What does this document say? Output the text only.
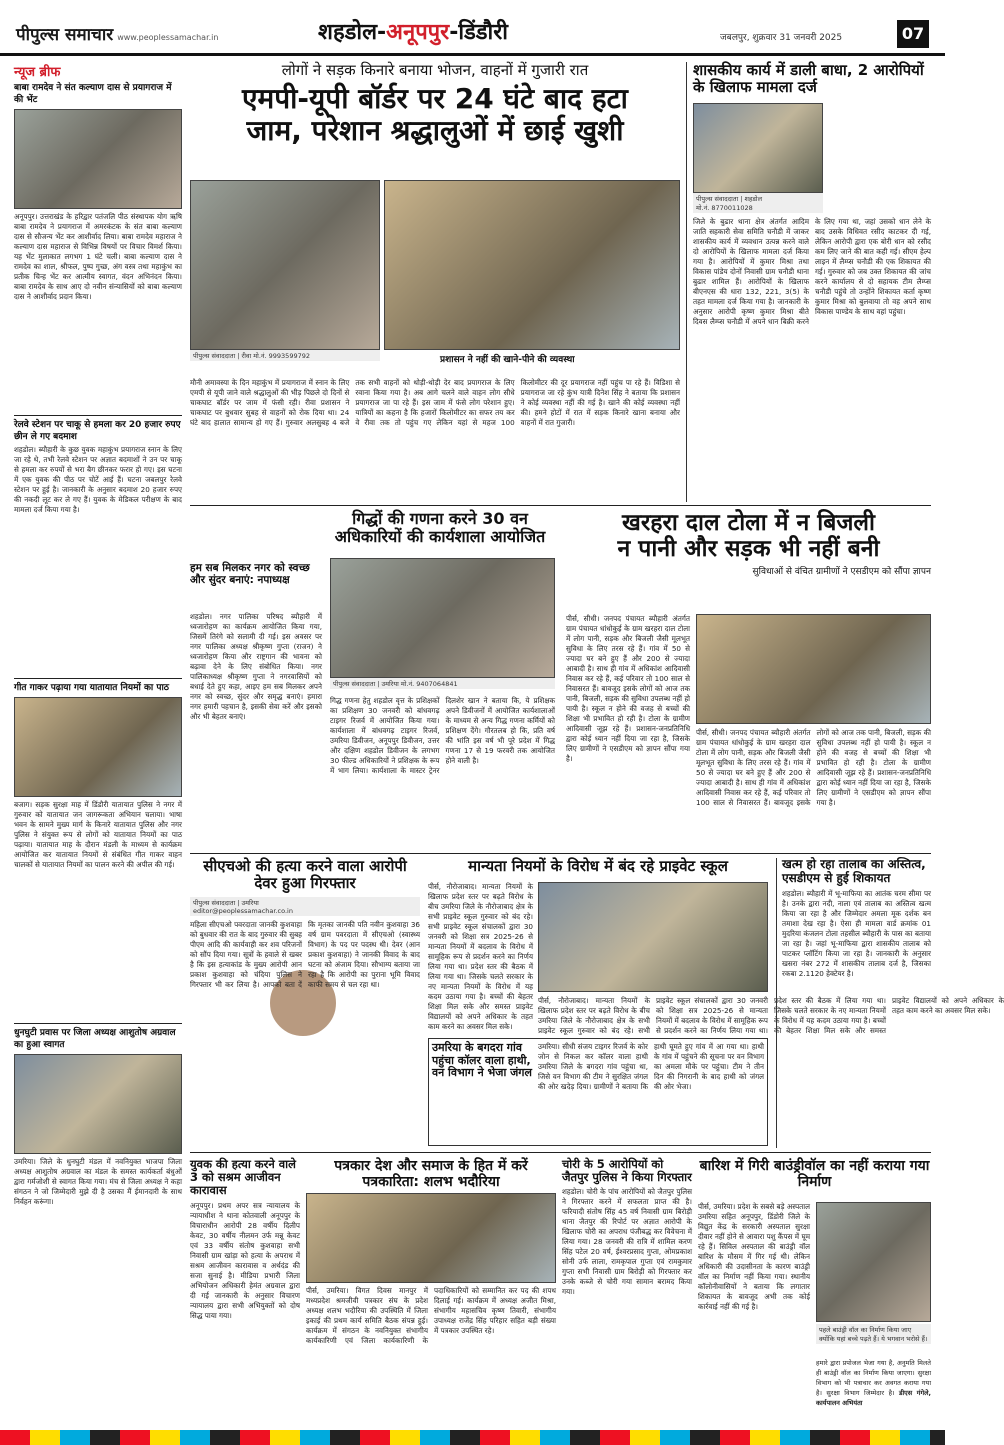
पीपुल्स समाचार www.peoplessamachar.in	शहडोल-अनूपपुर-डिंडौरी	जबलपुर, शुक्रवार 31 जनवरी 2025	07
न्यूज ब्रीफ
बाबा रामदेव ने संत कल्याण दास से प्रयागराज में की भेंट
अनूपपुर। उत्तराखंड के हरिद्वार पतंजलि पीठ संस्थापक योग ऋषि बाबा रामदेव ने प्रयागराज में अमरकंटक के संत बाबा कल्याण दास से सौजन्य भेंट कर आशीर्वाद लिया। बाबा रामदेव महाराज ने कल्याण दास महाराज से विभिन्न विषयों पर विचार विमर्श किया। यह भेंट मुलाकात लगभग 1 घंटे चली। बाबा कल्याण दास ने रामदेव का शाल, श्रीफल, पुष्प गुच्छ, अंग वस्त्र तथा महाकुंभ का प्रतीक चिन्ह भेंट कर आत्मीय स्वागत, वंदन अभिनंदन किया। बाबा रामदेव के साथ आए दो नवीन संन्यासियों को बाबा कल्याण दास ने आशीर्वाद प्रदान किया।
रेलवे स्टेशन पर चाकू से हमला कर 20 हजार रुपए छीन ले गए बदमाश
शहडोल। ब्यौहारी के कुछ युवक महाकुंभ प्रयागराज स्नान के लिए जा रहे थे, तभी रेलवे स्टेशन पर अज्ञात बदमाशों ने उन पर चाकू से हमला कर रुपयों से भरा बैग छीनकर फरार हो गए। इस घटना में एक युवक की पीठ पर चोटें आई हैं। घटना जबलपुर रेलवे स्टेशन पर हुई है। जानकारी के अनुसार बदमाश 20 हजार रुपए की नकदी लूट कर ले गए हैं। युवक के मेडिकल परीक्षण के बाद मामला दर्ज किया गया है।
गीत गाकर पढ़ाया गया यातायात नियमों का पाठ
बजाग। सड़क सुरक्षा माह में डिंडौरी यातायात पुलिस ने नगर में गुरुवार को यातायात जन जागरूकता अभियान चलाया। भाषा भवन के सामने मुख्य मार्ग के किनारे यातायात पुलिस और नगर पुलिस ने संयुक्त रूप से लोगों को यातायात नियमों का पाठ पढ़ाया। यातायात माह के दौरान मंडली के माध्यम से कार्यक्रम आयोजित कर यातायात नियमों से संबंधित गीत गाकर वाहन चालकों से यातायात नियमों का पालन करने की अपील की गई।
धुनघुटी प्रवास पर जिला अध्यक्ष आशुतोष अग्रवाल का हुआ स्वागत
उमरिया। जिले के धुनघुटी मंडल में नवनियुक्त भाजपा जिला अध्यक्ष आशुतोष अग्रवाल का मंडल के समस्त कार्यकर्ता बंधुओं द्वारा गर्मजोशी से स्वागत किया गया। मंच से जिला अध्यक्ष ने कहा संगठन ने जो जिम्मेदारी मुझे दी है उसका मैं ईमानदारी के साथ निर्वहन करूंगा।
लोगों ने सड़क किनारे बनाया भोजन, वाहनों में गुजारी रात
एमपी-यूपी बॉर्डर पर 24 घंटे बाद हटा
जाम, परेशान श्रद्धालुओं में छाई खुशी
पीपुल्स संवाददाता | रीवा मो.नं. 9993599792	प्रशासन ने नहीं की खाने-पीने की व्यवस्था
मौनी अमावस्या के दिन महाकुंभ में प्रयागराज में स्नान के लिए एमपी से यूपी जाने वाले श्रद्धालुओं की भीड़ पिछले दो दिनों से चाकघाट बॉर्डर पर जाम में फंसी रही। रीवा प्रशासन ने चाकघाट पर बुधवार सुबह से वाहनों को रोक दिया था। 24 घंटे बाद हालात सामान्य हो गए हैं। गुरुवार अलसुबह 4 बजे तक सभी वाहनों को थोड़ी-थोड़ी देर बाद प्रयागराज के लिए रवाना किया गया है। अब आगे चलने वाले वाहन लोग सीधे प्रयागराज जा पा रहे हैं। इस जाम में फंसे लोग परेशान हुए। यात्रियों का कहना है कि हजारों किलोमीटर का सफर तय कर वे रीवा तक तो पहुंच गए लेकिन यहां से महज 100 किलोमीटर की दूर प्रयागराज नहीं पहुंच पा रहे हैं। विडिशा से प्रयागराज जा रहे कुंभ यात्री दिनेश सिंह ने बताया कि प्रशासन ने कोई व्यवस्था नहीं की गई है। खाने की कोई व्यवस्था नहीं की। हमने होटों में रात में सड़क किनारे खाना बनाया और वाहनों में रात गुजारी।
शासकीय कार्य में डाली बाधा, 2 आरोपियों के खिलाफ मामला दर्ज
पीपुल्स संवाददाता | शहडोल
मो.नं. 8770011028
जिले के बुढार थाना क्षेत्र अंतर्गत आदिम जाति सहकारी सेवा समिति चनौडी में जाकर शासकीय कार्य में व्यवधान उत्पन्न करने वाले दो आरोपियों के खिलाफ मामला दर्ज किया गया है। आरोपियों में कुमार मिश्रा तथा विकास पांडेय दोनों निवासी ग्राम चनौडी थाना बुढार शामिल हैं। आरोपियों के खिलाफ बीएनएस की धारा 132, 221, 3(5) के तहत मामला दर्ज किया गया है। जानकारी के अनुसार आरोपी कृष्ण कुमार मिश्रा बीते दिवस लैम्प्स चनौडी में अपने धान बिक्री करने के लिए गया था, जहां उसको धान लेने के बाद उसके विधिवत रसीद काटकर दी गई, लेकिन आरोपी द्वारा एक बोरी धान को रसीद कम लिए जाने की बात कही गई। सीएम हेल्प लाइन में लैम्प्स चनौडी की एक शिकायत की गई। गुरुवार को जब उक्त शिकायत की जांच करने कार्यालय से दो सहायक टीम लैम्प्स चनौडी पहुंचे तो उन्होंने शिकायत कर्ता कृष्ण कुमार मिश्रा को बुलवाया तो वह अपने साथ विकास पाण्डेय के साथ वहां पहुंचा।
गिद्धों की गणना करने 30 वन अधिकारियों की कार्यशाला आयोजित
पीपुल्स संवाददाता | उमरिया मो.नं. 9407064841
गिद्ध गणना हेतु शहडोल वृत्त के प्रशिक्षकों का प्रशिक्षण 30 जनवरी को बांधवगढ़ टाइगर रिजर्व में आयोजित किया गया। कार्यशाला में बांधवगढ़ टाइगर रिजर्व, उमरिया डिवीजन, अनूपपुर डिवीजन, उत्तर और दक्षिण शहडोल डिवीजन के लगभग 30 फील्ड अधिकारियों ने प्रशिक्षक के रूप में भाग लिया। कार्यशाला के मास्टर ट्रेनर दिलशेर खान ने बताया कि, ये प्रशिक्षक अपने डिवीजनों में आयोजित कार्यशालाओं के माध्यम से अन्य गिद्ध गणना कर्मियों को प्रशिक्षण देंगे। गौरतलब हो कि, प्रति वर्ष की भांति इस वर्ष भी पूरे प्रदेश में गिद्ध गणना 17 से 19 फरवरी तक आयोजित होने वाली है।
हम सब मिलकर नगर को स्वच्छ और सुंदर बनाएं: नपाध्यक्ष
शहडोल। नगर पालिका परिषद ब्यौहारी में ध्वजारोहण का कार्यक्रम आयोजित किया गया, जिसमें तिरंगे को सलामी दी गई। इस अवसर पर नगर पालिका अध्यक्ष श्रीकृष्ण गुप्ता (राजन) ने ध्वजारोहण किया और राष्ट्रगान की भावना को बढ़ावा देने के लिए संबोधित किया। नगर पालिकाध्यक्ष श्रीकृष्ण गुप्ता ने नगरवासियों को बधाई देते हुए कहा, आइए हम सब मिलकर अपने नगर को स्वच्छ, सुंदर और समृद्ध बनाएं। हमारा नगर हमारी पहचान है, इसकी सेवा करें और इसको और भी बेहतर बनाएं।
खरहरा दाल टोला में न बिजली
न पानी और सड़क भी नहीं बनी
सुविधाओं से वंचित ग्रामीणों ने एसडीएम को सौंपा ज्ञापन
पीर्स, सीधी। जनपद पंचायत ब्यौहारी अंतर्गत ग्राम पंचायत धांधोकुई के ग्राम खरहरा दाल टोला में लोग पानी, सड़क और बिजली जैसी मूलभूत सुविधा के लिए तरस रहे हैं। गांव में 50 से ज्यादा घर बने हुए हैं और 200 से ज्यादा आबादी है। साथ ही गांव में अधिकांश आदिवासी निवास कर रहे हैं, कई परिवार तो 100 साल से निवासरत हैं। बावजूद इसके लोगों को आज तक पानी, बिजली, सड़क की सुविधा उपलब्ध नहीं हो पायी है। स्कूल न होने की वजह से बच्चों की शिक्षा भी प्रभावित हो रही है। टोला के ग्रामीण आदिवासी जूझ रहे हैं। प्रशासन-जनप्रतिनिधि द्वारा कोई ध्यान नहीं दिया जा रहा है, जिसके लिए ग्रामीणों ने एसडीएम को ज्ञापन सौंपा गया है।
पीर्स, सीधी। जनपद पंचायत ब्यौहारी अंतर्गत ग्राम पंचायत धांधोकुई के ग्राम खरहरा दाल टोला में लोग पानी, सड़क और बिजली जैसी मूलभूत सुविधा के लिए तरस रहे हैं। गांव में 50 से ज्यादा घर बने हुए हैं और 200 से ज्यादा आबादी है। साथ ही गांव में अधिकांश आदिवासी निवास कर रहे हैं, कई परिवार तो 100 साल से निवासरत हैं। बावजूद इसके लोगों को आज तक पानी, बिजली, सड़क की सुविधा उपलब्ध नहीं हो पायी है। स्कूल न होने की वजह से बच्चों की शिक्षा भी प्रभावित हो रही है। टोला के ग्रामीण आदिवासी जूझ रहे हैं। प्रशासन-जनप्रतिनिधि द्वारा कोई ध्यान नहीं दिया जा रहा है, जिसके लिए ग्रामीणों ने एसडीएम को ज्ञापन सौंपा गया है।
सीएचओ की हत्या करने वाला आरोपी देवर हुआ गिरफ्तार
पीपुल्स संवाददाता | उमरिया
editor@peoplessamachar.co.in
महिला सीएचओ पवरदाता जानकी कुशवाहा को बुधवार की रात के बाद गुरुवार की सुबह पीएम आदि की कार्यवाही कर शव परिजनों को सौंप दिया गया। सूत्रों के हवाले से खबर है कि इस हत्याकांड के मुख्य आरोपी आन प्रकाश कुशवाहा को चंदिया पुलिस ने गिरफ्तार भी कर लिया है। आपको बता दें कि मृतका जानकी पति नवीन कुशवाहा 36 वर्ष ग्राम पवरदाता में सीएचओ (स्वास्थ्य विभाग) के पद पर पदस्थ थी। देवर (आन प्रकाश कुशवाहा) ने जानकी विवाद के बाद घटना को अंजाम दिया। सौभाग्य बताया जा रहा है कि आरोपी का पुराना भूमि विवाद काफी समय से चल रहा था।
मान्यता नियमों के विरोध में बंद रहे प्राइवेट स्कूल
पीर्स, नौरोजाबाद। मान्यता नियमों के खिलाफ प्रदेश स्तर पर बढ़ते विरोध के बीच उमरिया जिले के नौरोजाबाद क्षेत्र के सभी प्राइवेट स्कूल गुरुवार को बंद रहे। सभी प्राइवेट स्कूल संचालकों द्वारा 30 जनवरी को शिक्षा सत्र 2025-26 से मान्यता नियमों में बदलाव के विरोध में सामूहिक रूप से प्रदर्शन करने का निर्णय लिया गया था। प्रदेश स्तर की बैठक में लिया गया था। जिसके चलते सरकार के नए मान्यता नियमों के विरोध में यह कदम उठाया गया है। बच्चों की बेहतर शिक्षा मिल सके और समस्त प्राइवेट विद्यालयों को अपने अधिकार के तहत काम करने का अवसर मिल सके।
पीर्स, नौरोजाबाद। मान्यता नियमों के खिलाफ प्रदेश स्तर पर बढ़ते विरोध के बीच उमरिया जिले के नौरोजाबाद क्षेत्र के सभी प्राइवेट स्कूल गुरुवार को बंद रहे। सभी प्राइवेट स्कूल संचालकों द्वारा 30 जनवरी को शिक्षा सत्र 2025-26 से मान्यता नियमों में बदलाव के विरोध में सामूहिक रूप से प्रदर्शन करने का निर्णय लिया गया था। प्रदेश स्तर की बैठक में लिया गया था। जिसके चलते सरकार के नए मान्यता नियमों के विरोध में यह कदम उठाया गया है। बच्चों की बेहतर शिक्षा मिल सके और समस्त प्राइवेट विद्यालयों को अपने अधिकार के तहत काम करने का अवसर मिल सके।
उमरिया के बगदरा गांव पहुंचा कॉलर वाला हाथी, वन विभाग ने भेजा जंगल
उमरिया। सीधी संजय टाइगर रिजर्व के कोर जोन से निकल कर कॉलर वाला हाथी उमरिया जिले के बगदरा गांव पहुंचा था, जिसे वन विभाग की टीम ने सुरक्षित जंगल की ओर खदेड़ दिया। ग्रामीणों ने बताया कि हाथी घूमते हुए गांव में आ गया था। हाथी के गांव में पहुंचने की सूचना पर वन विभाग का अमला मौके पर पहुंचा। टीम ने तीन दिन की निगरानी के बाद हाथी को जंगल की ओर भेजा।
खत्म हो रहा तालाब का अस्तित्व, एसडीएम से हुई शिकायत
शहडोल। ब्यौहारी में भू-माफिया का आतंक चरम सीमा पर है। उनके द्वारा नदी, नाला एवं तालाब का अस्तित्व खत्म किया जा रहा है और जिम्मेदार अमला मूक दर्शक बन तमाशा देख रहा है। ऐसा ही मामला वार्ड क्रमांक 01 मुदरिया कंजलन टोला तहसील ब्यौहारी के पास का बताया जा रहा है। जहां भू-माफिया द्वारा शासकीय तालाब को पाटकर प्लॉटिंग किया जा रहा है। जानकारी के अनुसार खसरा नंबर 272 में शासकीय तालाब दर्ज है, जिसका रकबा 2.1120 हेक्टेयर है।
युवक की हत्या करने वाले 3 को सश्रम आजीवन कारावास
अनूपपुर। प्रथम अपर सत्र न्यायालय के न्यायाधीश ने थाना कोतवाली अनूपपुर के विचाराधीन आरोपी 28 वर्षीय दिलीप केवट, 30 वर्षीय नीलमन उर्फ मन्नू केवट एवं 33 वर्षीय संतोष कुशवाहा सभी निवासी ग्राम खांड़ा को हत्या के अपराध में सश्रम आजीवन कारावास व अर्थदंड की सजा सुनाई है। मीडिया प्रभारी जिला अभियोजन अधिकारी हेमंत अग्रवाल द्वारा दी गई जानकारी के अनुसार विचारण न्यायालय द्वारा सभी अभियुक्तों को दोष सिद्ध पाया गया।
पत्रकार देश और समाज के हित में करें पत्रकारिता: शलभ भदौरिया
पीर्स, उमरिया। विगत दिवस मानपुर में मध्यप्रदेश श्रमजीवी पत्रकार संघ के प्रदेश अध्यक्ष शलभ भदौरिया की उपस्थिति में जिला इकाई की प्रथम कार्य समिति बैठक संपन्न हुई। कार्यक्रम में संगठन के नवनियुक्त संभागीय कार्यकारिणी एवं जिला कार्यकारिणी के पदाधिकारियों को सम्मानित कर पद की शपथ दिलाई गई। कार्यक्रम में अध्यक्ष अजीत मिश्रा, संभागीय महासचिव कृष्ण तिवारी, संभागीय उपाध्यक्ष राजेंद्र सिंह परिहार सहित बड़ी संख्या में पत्रकार उपस्थित रहे।
चोरी के 5 आरोपियों को जैतपुर पुलिस ने किया गिरफ्तार
शहडोल। चोरी के पांच आरोपियों को जैतपुर पुलिस ने गिरफ्तार करने में सफलता प्राप्त की है। फरियादी संतोष सिंह 45 वर्ष निवासी ग्राम बिरोड़ी थाना जैतपुर की रिपोर्ट पर अज्ञात आरोपी के खिलाफ चोरी का अपराध पंजीबद्ध कर विवेचना में लिया गया। 28 जनवरी की रात्रि में शामिल करण सिंह पटेल 20 वर्ष, ईश्वरप्रसाद गुप्ता, ओमप्रकाश सोनी उर्फ लाला, रामकृपाल गुप्ता एवं रामकुमार गुप्ता सभी निवासी ग्राम बिरोड़ी को गिरफ्तार कर उनके कब्जे से चोरी गया सामान बरामद किया गया।
बारिश में गिरी बाउंड्रीवॉल का नहीं कराया गया निर्माण
पीर्स, उमरिया। प्रदेश के सबसे बड़े अस्पताल उमरिया सहित अनूपपुर, डिंडोरी जिले के विद्युत केंद्र के सरकारी अस्पताल सुरक्षा दीवार नहीं होने से आवारा पशु कैंपस में घूम रहे हैं। सिविल अस्पताल की बाउंड्री वॉल बारिश के मौसम में गिर गई थी। लेकिन अधिकारी की उदासीनता के कारण बाउंड्री वॉल का निर्माण नहीं किया गया। स्थानीय कॉलोनीवासियों ने बताया कि लगातार शिकायत के बावजूद अभी तक कोई कार्रवाई नहीं की गई है।
पहले बाउंड्री वॉल का निर्माण किया जाए क्योंकि यहां बच्चे पढ़ते हैं। ये भगवान भरोसे हैं।
हमारे द्वारा प्रपोजल भेजा गया है, अनुमति मिलते ही बाउंड्री वॉल का निर्माण किया जाएगा। सुरक्षा विभाग को भी पत्राचार कर अवगत कराया गया है। सुरक्षा विभाग जिम्मेदार है। डीएस गंगेले, कार्यपालन अभियंता
